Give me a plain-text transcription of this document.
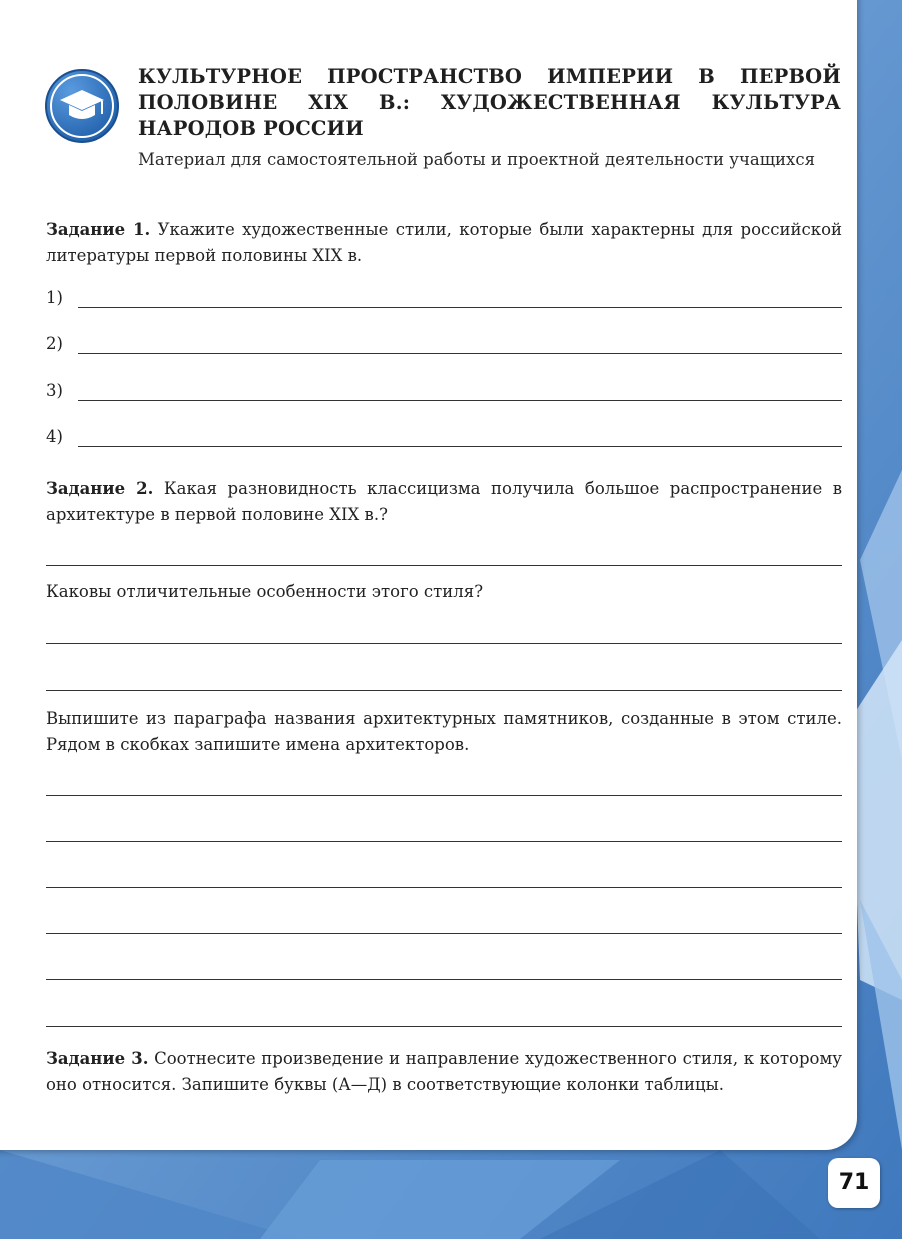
КУЛЬТУРНОЕ ПРОСТРАНСТВО ИМПЕРИИ В ПЕРВОЙ ПОЛОВИНЕ XIX В.: ХУДОЖЕСТВЕННАЯ КУЛЬТУРА НАРОДОВ РОССИИ
Материал для самостоятельной работы и проектной деятельности учащихся
Задание 1. Укажите художественные стили, которые были характерны для российской литературы первой половины XIX в.
1)
2)
3)
4)
Задание 2. Какая разновидность классицизма получила большое распространение в архитектуре в первой половине XIX в.?
Каковы отличительные особенности этого стиля?
Выпишите из параграфа названия архитектурных памятников, созданные в этом стиле. Рядом в скобках запишите имена архитекторов.
Задание 3. Соотнесите произведение и направление художественного стиля, к которому оно относится. Запишите буквы (А—Д) в соответствующие колонки таблицы.
71
